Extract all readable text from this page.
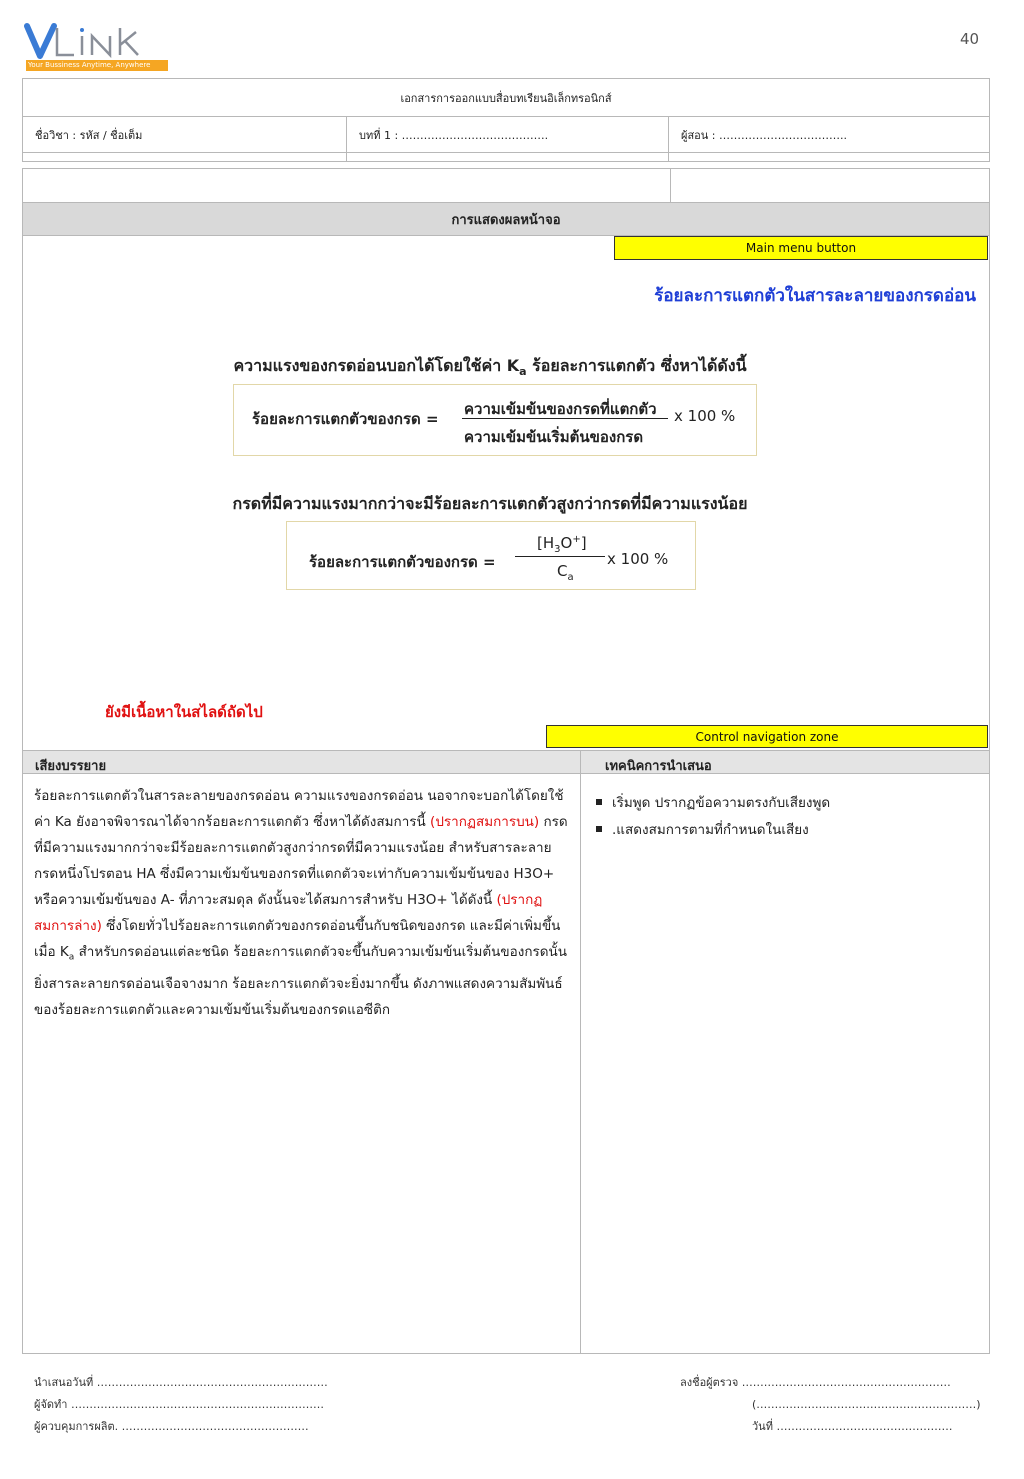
Your Bussiness Anytime, Anywhere
40
เอกสารการออกแบบสื่อบทเรียนอิเล็กทรอนิกส์
ชื่อวิชา : รหัส / ชื่อเต็ม	บทที่ 1 : ………………………………….	ผู้สอน : ……………………………..
การแสดงผลหน้าจอ
Main menu button
ร้อยละการแตกตัวในสารละลายของกรดอ่อน
ความแรงของกรดอ่อนบอกได้โดยใช้ค่า $K_a$ ร้อยละการแตกตัว ซึ่งหาได้ดังนี้
ร้อยละการแตกตัวของกรด =
ความเข้มข้นของกรดที่แตกตัว
ความเข้มข้นเริ่มต้นของกรด
x 100 %
กรดที่มีความแรงมากกว่าจะมีร้อยละการแตกตัวสูงกว่ากรดที่มีความแรงน้อย
ร้อยละการแตกตัวของกรด =
$[H_3O^+]$
$C_a$
x 100 %
ยังมีเนื้อหาในสไลด์ถัดไป
Control navigation zone
เสียงบรรยาย	เทคนิคการนำเสนอ
ร้อยละการแตกตัวในสารละลายของกรดอ่อน ความแรงของกรดอ่อน นอจากจะบอกได้โดยใช้ค่า Ka ยังอาจพิจารณาได้จากร้อยละการแตกตัว ซึ่งหาได้ดังสมการนี้ (ปรากฏสมการบน) กรดที่มีความแรงมากกว่าจะมีร้อยละการแตกตัวสูงกว่ากรดที่มีความแรงน้อย สำหรับสารละลายกรดหนึ่งโปรตอน HA ซึ่งมีความเข้มข้นของกรดที่แตกตัวจะเท่ากับความเข้มข้นของ H3O+ หรือความเข้มข้นของ A- ที่ภาวะสมดุล ดังนั้นจะได้สมการสำหรับ H3O+ ได้ดังนี้ (ปรากฏสมการล่าง) ซึ่งโดยทั่วไปร้อยละการแตกตัวของกรดอ่อนขึ้นกับชนิดของกรด และมีค่าเพิ่มขึ้นเมื่อ $K_a$ สำหรับกรดอ่อนแต่ละชนิด ร้อยละการแตกตัวจะขึ้นกับความเข้มข้นเริ่มต้นของกรดนั้น ยิ่งสารละลายกรดอ่อนเจือจางมาก ร้อยละการแตกตัวจะยิ่งมากขึ้น ดังภาพแสดงความสัมพันธ์ของร้อยละการแตกตัวและความเข้มข้นเริ่มต้นของกรดแอซีติก
เริ่มพูด ปรากฏข้อความตรงกับเสียงพูด
.แสดงสมการตามที่กำหนดในเสียง
นำเสนอวันที่ ………………………………………………………
ผู้จัดทำ ……………………………………………………………
ผู้ควบคุมการผลิต. ……………………………………………
ลงชื่อผู้ตรวจ …………………………………………………
(……………………………………………………)
วันที่ …………………………………………
